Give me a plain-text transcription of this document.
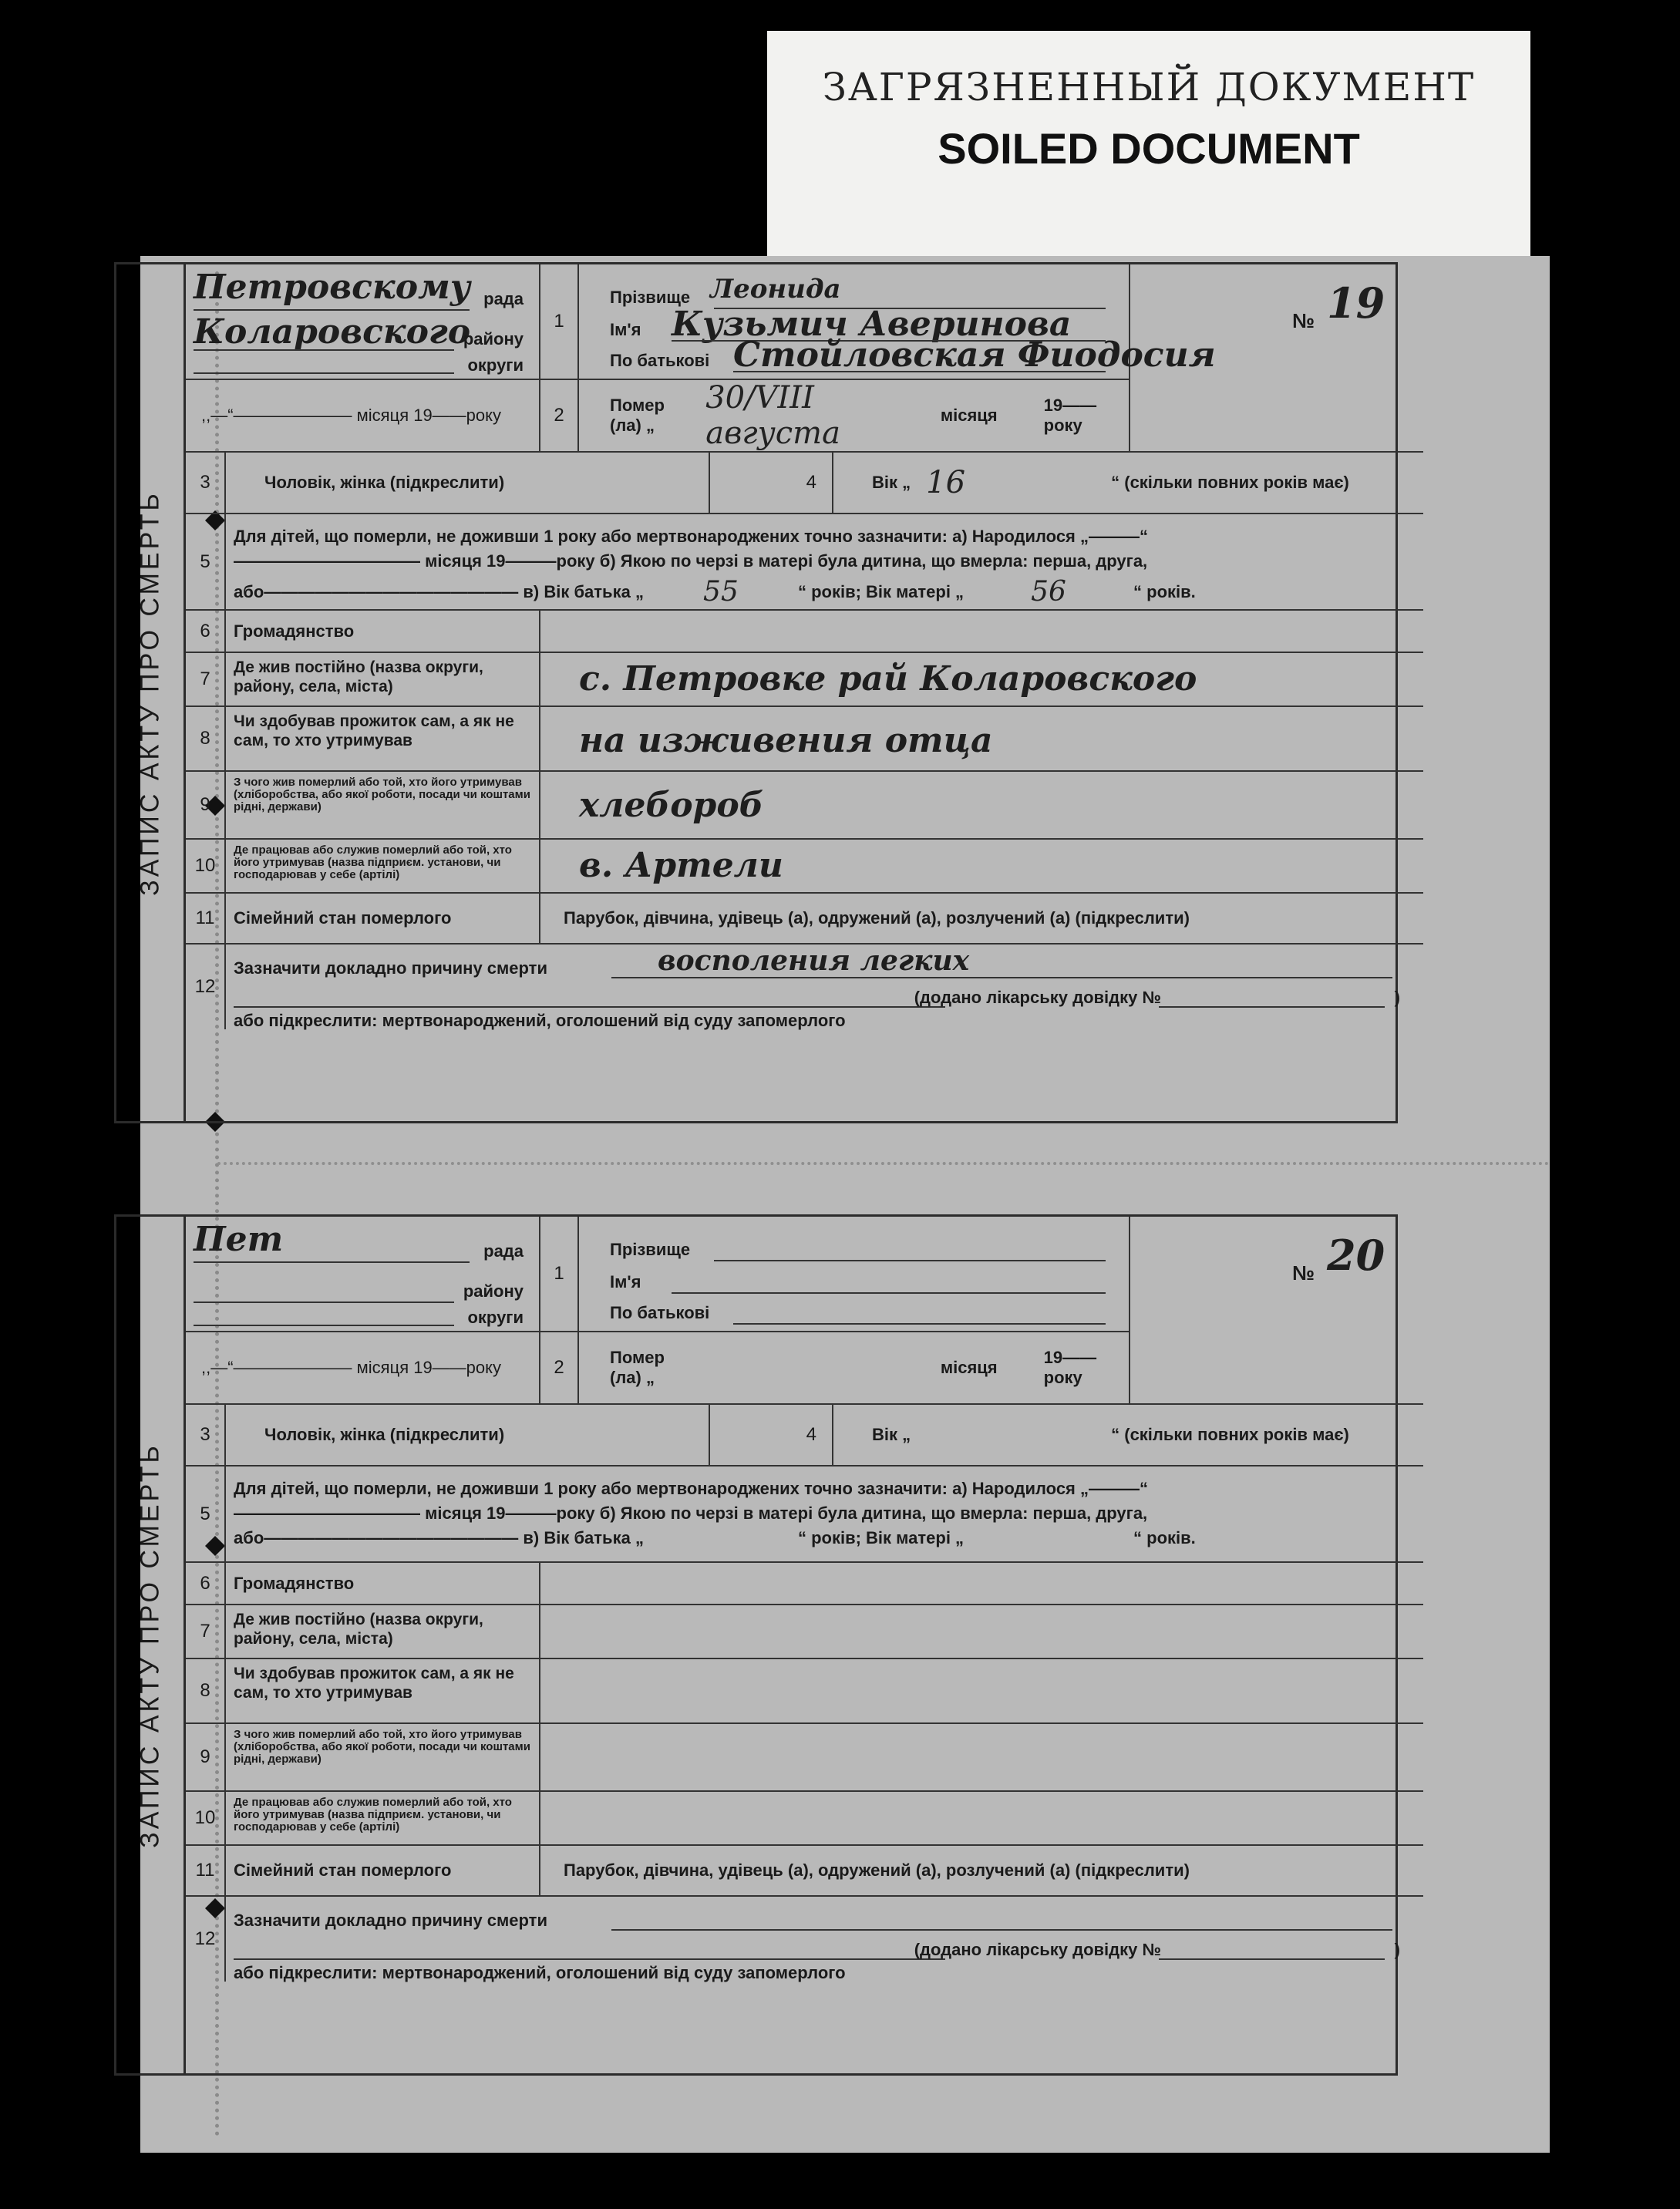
ЗАГРЯЗНЕННЫЙ ДОКУМЕНТ
SOILED DOCUMENT
ЗАПИС АКТУ ПРО СМЕРТЬ
Петровскому рада
Коларовского
району
округи
1
Прізвище Леонида
Ім'я Кузьмич Аверинова
По батькові Стойловская Фиодосия
№ 19
,,—“——————— місяця 19——року	2	Помер (ла) „
30/VIII августа
місяця
19——року
3	Чоловік, жінка (підкреслити)	4	Вік „ 16	“ (скільки повних років має)
5
Для дітей, що померли, не доживши 1 року або мертвонароджених точно зазначити: а) Народилося „———“
——————————— місяця 19———року б) Якою по черзі в матері була дитина, що вмерла: перша, друга,
або——————————————— в) Вік батька „	55	“ років; Вік матері „	56	“ років.
6	Громадянство
7
Де жив постійно (назва округи, району, села, міста)	с. Петровке рай Коларовского
8
Чи здобував прожиток сам, а як не сам, то хто утримував	на изживения отца
9
З чого жив померлий або той, хто його утримував (хліборобства, або якої роботи, посади чи коштами рідні, держави)	хлебороб
10
Де працював або служив померлий або той, хто його утримував (назва підприєм. установи, чи господарював у себе (артілі)	в. Артели
11	Сімейний стан померлого	Парубок, дівчина, удівець (а), одружений (а), розлучений (а) (підкреслити)
12
Зазначити докладно причину смерти	восполения легких
(додано лікарську довідку №	)
або підкреслити: мертвонароджений, оголошений від суду запомерлого
ЗАПИС АКТУ ПРО СМЕРТЬ
Пет	рада
району
округи
1
Прізвище
Ім'я
По батькові
№ 20
,,—“——————— місяця 19——року	2	Помер (ла) „
місяця
19——року
3	Чоловік, жінка (підкреслити)	4	Вік „	“ (скільки повних років має)
5
Для дітей, що померли, не доживши 1 року або мертвонароджених точно зазначити: а) Народилося „———“
——————————— місяця 19———року б) Якою по черзі в матері була дитина, що вмерла: перша, друга,
або——————————————— в) Вік батька „	“ років; Вік матері „	“ років.
6	Громадянство
7
Де жив постійно (назва округи, району, села, міста)
8
Чи здобував прожиток сам, а як не сам, то хто утримував
9
З чого жив померлий або той, хто його утримував (хліборобства, або якої роботи, посади чи коштами рідні, держави)
10
Де працював або служив померлий або той, хто його утримував (назва підприєм. установи, чи господарював у себе (артілі)
11	Сімейний стан померлого	Парубок, дівчина, удівець (а), одружений (а), розлучений (а) (підкреслити)
12
Зазначити докладно причину смерти
(додано лікарську довідку №	)
або підкреслити: мертвонароджений, оголошений від суду запомерлого
